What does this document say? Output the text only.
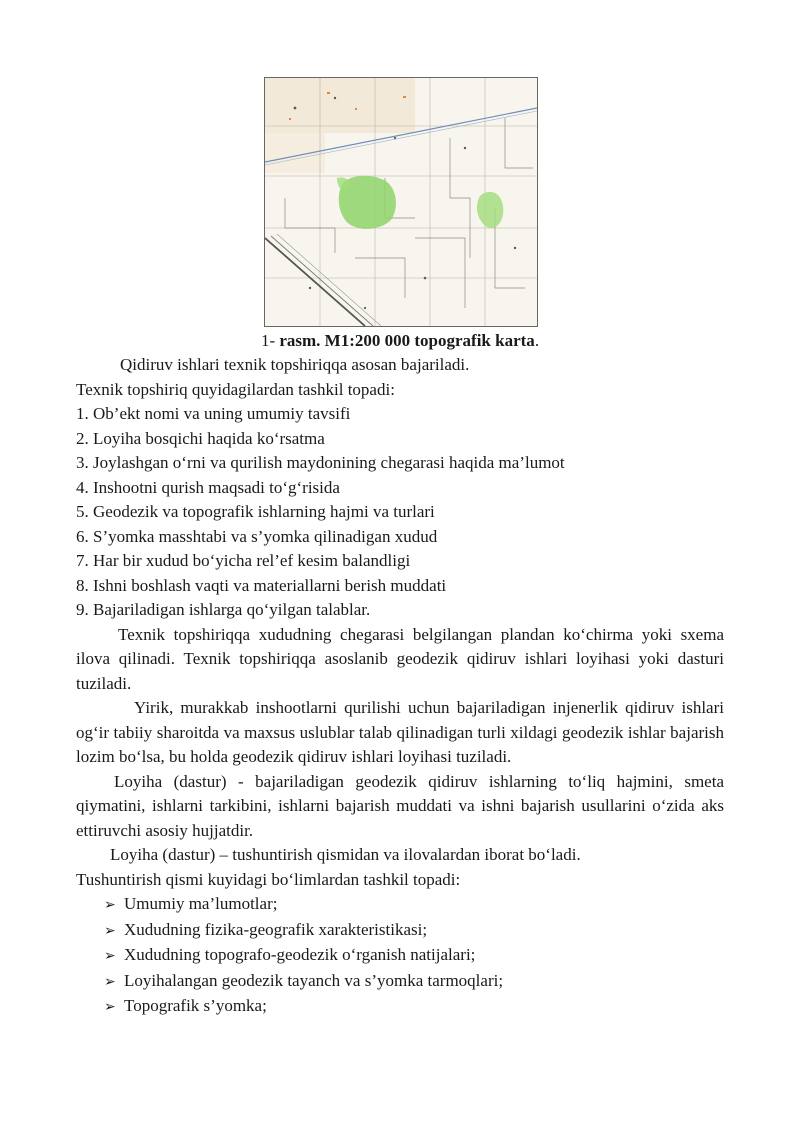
1- rasm. M1:200 000 topografik karta.

Qidiruv ishlari texnik topshiriqqa asosan bajariladi.

Texnik topshiriq quyidagilardan tashkil topadi:

1. Ob’ekt nomi va uning umumiy tavsifi

2. Loyiha bosqichi haqida ko‘rsatma

3. Joylashgan o‘rni va qurilish maydonining chegarasi haqida ma’lumot

4. Inshootni qurish maqsadi to‘g‘risida

5. Geodezik va topografik ishlarning hajmi va turlari

6. S’yomka masshtabi va s’yomka qilinadigan xudud

7. Har bir xudud bo‘yicha rel’ef kesim balandligi

8. Ishni boshlash vaqti va materiallarni berish muddati

9. Bajariladigan ishlarga qo‘yilgan talablar.

Texnik topshiriqqa xududning chegarasi belgilangan plandan ko‘chirma yoki sxema ilova qilinadi. Texnik topshiriqqa asoslanib geodezik qidiruv ishlari loyihasi yoki dasturi tuziladi.

Yirik, murakkab inshootlarni qurilishi uchun bajariladigan injenerlik qidiruv ishlari og‘ir tabiiy sharoitda va maxsus uslublar talab qilinadigan turli xildagi geodezik ishlar bajarish lozim bo‘lsa, bu holda geodezik qidiruv ishlari loyihasi tuziladi.

Loyiha (dastur) - bajariladigan geodezik qidiruv ishlarning to‘liq hajmini, smeta qiymatini, ishlarni tarkibini, ishlarni bajarish muddati va ishni bajarish usullarini o‘zida aks ettiruvchi asosiy hujjatdir.

Loyiha (dastur) – tushuntirish qismidan va ilovalardan iborat bo‘ladi.

Tushuntirish qismi kuyidagi bo‘limlardan tashkil topadi:

➢ Umumiy ma’lumotlar;
➢ Xududning fizika-geografik xarakteristikasi;
➢ Xududning topografo-geodezik o‘rganish natijalari;
➢ Loyihalangan geodezik tayanch va s’yomka tarmoqlari;
➢ Topografik s’yomka;
